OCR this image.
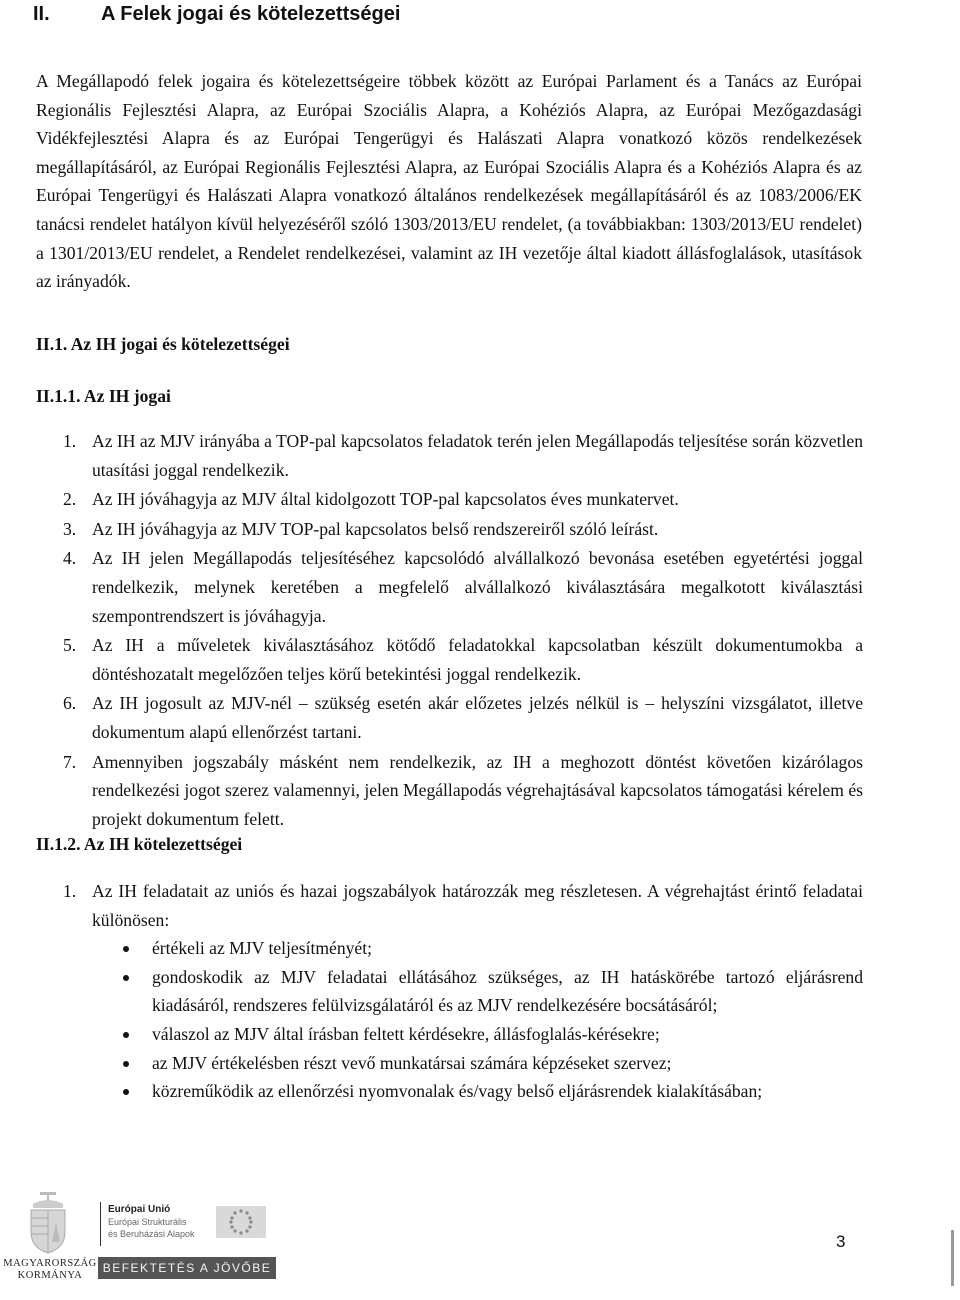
II.	A Felek jogai és kötelezettségei

A Megállapodó felek jogaira és kötelezettségeire többek között az Európai Parlament és a Tanács az Európai Regionális Fejlesztési Alapra, az Európai Szociális Alapra, a Kohéziós Alapra, az Európai Mezőgazdasági Vidékfejlesztési Alapra és az Európai Tengerügyi és Halászati Alapra vonatkozó közös rendelkezések megállapításáról, az Európai Regionális Fejlesztési Alapra, az Európai Szociális Alapra és a Kohéziós Alapra és az Európai Tengerügyi és Halászati Alapra vonatkozó általános rendelkezések megállapításáról és az 1083/2006/EK tanácsi rendelet hatályon kívül helyezéséről szóló 1303/2013/EU rendelet, (a továbbiakban: 1303/2013/EU rendelet) a 1301/2013/EU rendelet, a Rendelet rendelkezései, valamint az IH vezetője által kiadott állásfoglalások, utasítások az irányadók.

II.1. Az IH jogai és kötelezettségei
II.1.1. Az IH jogai
1. Az IH az MJV irányába a TOP-pal kapcsolatos feladatok terén jelen Megállapodás teljesítése során közvetlen utasítási joggal rendelkezik.
2. Az IH jóváhagyja az MJV által kidolgozott TOP-pal kapcsolatos éves munkatervet.
3. Az IH jóváhagyja az MJV TOP-pal kapcsolatos belső rendszereiről szóló leírást.
4. Az IH jelen Megállapodás teljesítéséhez kapcsolódó alvállalkozó bevonása esetében egyetértési joggal rendelkezik, melynek keretében a megfelelő alvállalkozó kiválasztására megalkotott kiválasztási szempontrendszert is jóváhagyja.
5. Az IH a műveletek kiválasztásához kötődő feladatokkal kapcsolatban készült dokumentumokba a döntéshozatalt megelőzően teljes körű betekintési joggal rendelkezik.
6. Az IH jogosult az MJV-nél – szükség esetén akár előzetes jelzés nélkül is – helyszíni vizsgálatot, illetve dokumentum alapú ellenőrzést tartani.
7. Amennyiben jogszabály másként nem rendelkezik, az IH a meghozott döntést követően kizárólagos rendelkezési jogot szerez valamennyi, jelen Megállapodás végrehajtásával kapcsolatos támogatási kérelem és projekt dokumentum felett.
II.1.2. Az IH kötelezettségei
1. Az IH feladatait az uniós és hazai jogszabályok határozzák meg részletesen. A végrehajtást érintő feladatai különösen:
értékeli az MJV teljesítményét;
gondoskodik az MJV feladatai ellátásához szükséges, az IH hatáskörébe tartozó eljárásrend kiadásáról, rendszeres felülvizsgálatáról és az MJV rendelkezésére bocsátásáról;
válaszol az MJV által írásban feltett kérdésekre, állásfoglalás-kérésekre;
az MJV értékelésben részt vevő munkatársai számára képzéseket szervez;
közreműködik az ellenőrzési nyomvonalak és/vagy belső eljárásrendek kialakításában;
MAGYARORSZÁG
KORMÁNYA
Európai Unió
Európai Strukturális
és Beruházási Alapok
BEFEKTETÉS A JÖVŐBE
3
